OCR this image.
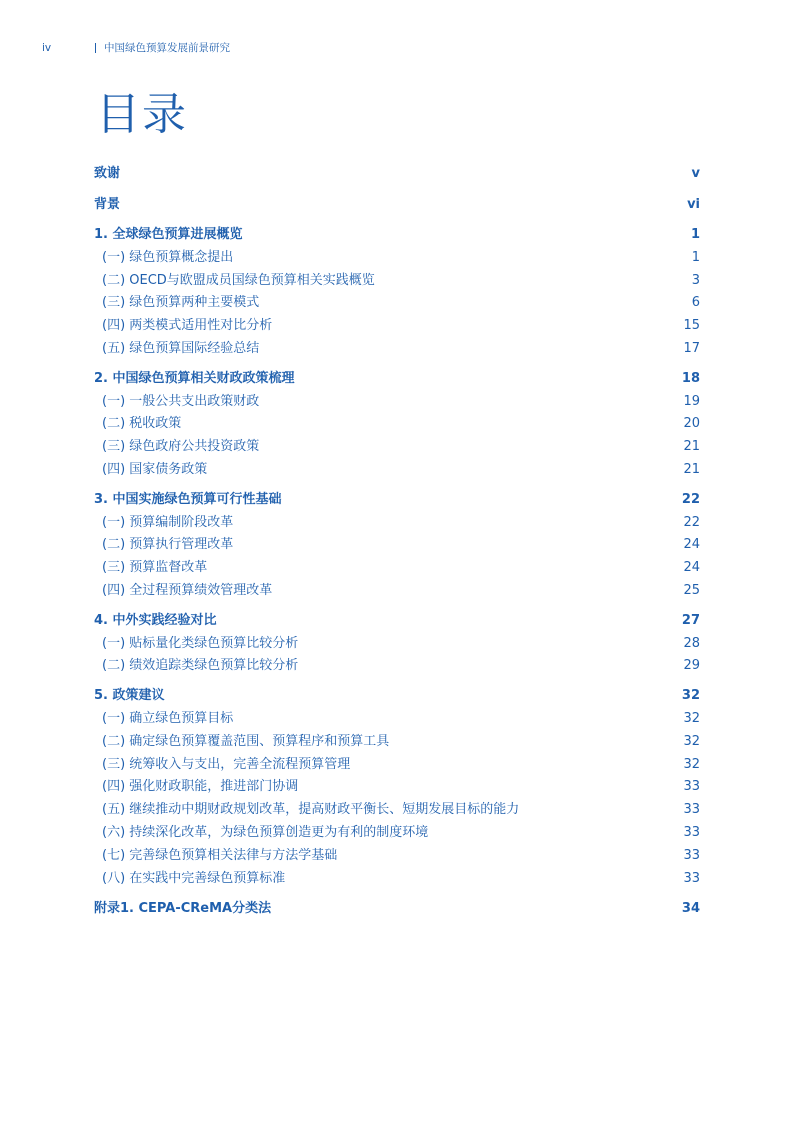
iv	中国绿色预算发展前景研究
目录
致谢	v
背景	vi
1. 全球绿色预算进展概览	1
(一) 绿色预算概念提出	1
(二) OECD与欧盟成员国绿色预算相关实践概览	3
(三) 绿色预算两种主要模式	6
(四) 两类模式适用性对比分析	15
(五) 绿色预算国际经验总结	17
2. 中国绿色预算相关财政政策梳理	18
(一) 一般公共支出政策财政	19
(二) 税收政策	20
(三) 绿色政府公共投资政策	21
(四) 国家债务政策	21
3. 中国实施绿色预算可行性基础	22
(一) 预算编制阶段改革	22
(二) 预算执行管理改革	24
(三) 预算监督改革	24
(四) 全过程预算绩效管理改革	25
4. 中外实践经验对比	27
(一) 贴标量化类绿色预算比较分析	28
(二) 绩效追踪类绿色预算比较分析	29
5. 政策建议	32
(一) 确立绿色预算目标	32
(二) 确定绿色预算覆盖范围、预算程序和预算工具	32
(三) 统筹收入与支出，完善全流程预算管理	32
(四) 强化财政职能，推进部门协调	33
(五) 继续推动中期财政规划改革，提高财政平衡长、短期发展目标的能力	33
(六) 持续深化改革，为绿色预算创造更为有利的制度环境	33
(七) 完善绿色预算相关法律与方法学基础	33
(八) 在实践中完善绿色预算标准	33
附录1. CEPA-CReMA分类法	34
